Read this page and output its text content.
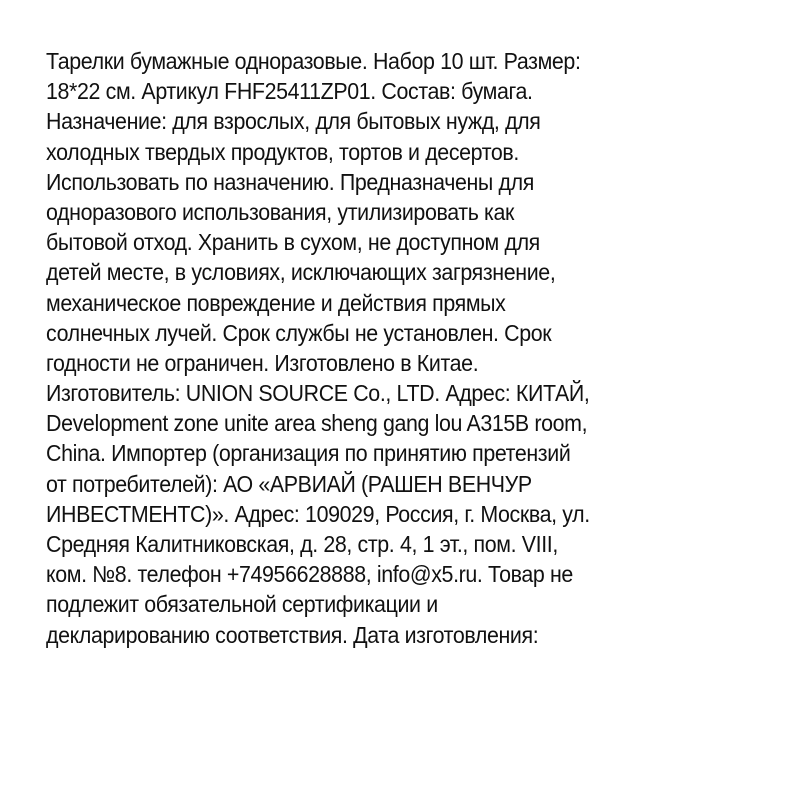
Тарелки бумажные одноразовые. Набор 10 шт. Размер:
18*22 см. Артикул FHF25411ZP01. Состав: бумага.
Назначение: для взрослых, для бытовых нужд, для
холодных твердых продуктов, тортов и десертов.
Использовать по назначению. Предназначены для
одноразового использования, утилизировать как
бытовой отход. Хранить в сухом, не доступном для
детей месте, в условиях, исключающих загрязнение,
механическое повреждение и действия прямых
солнечных лучей. Срок службы не установлен. Срок
годности не ограничен. Изготовлено в Китае.
Изготовитель: UNION SOURCE Co., LTD. Адрес: КИТАЙ,
Development zone unite area sheng gang lou A315B room,
China. Импортер (организация по принятию претензий
от потребителей): АО «АРВИАЙ (РАШЕН ВЕНЧУР
ИНВЕСТМЕНТС)». Адрес: 109029, Россия, г. Москва, ул.
Средняя Калитниковская, д. 28, стр. 4, 1 эт., пом. VIII,
ком. №8. телефон +74956628888, info@x5.ru. Товар не
подлежит обязательной сертификации и
декларированию соответствия. Дата изготовления:
